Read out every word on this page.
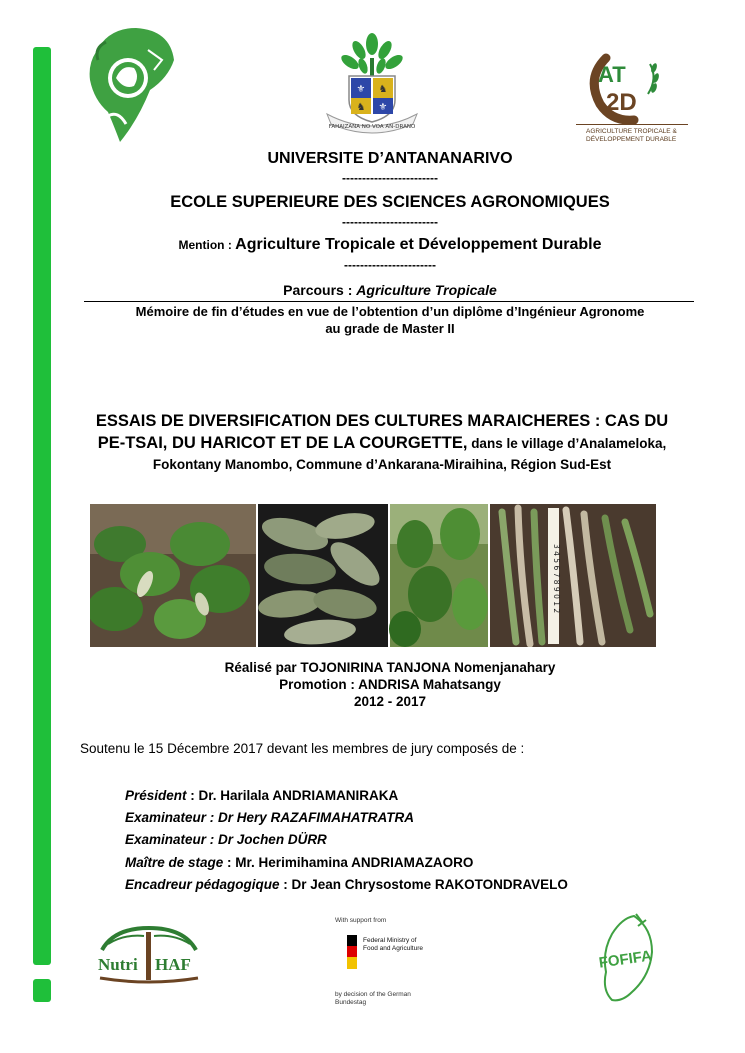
⚜ ♞
♞ ⚜
FAHAIZANA NO VOA AN-DRANO
AT
2D
AGRICULTURE TROPICALE &
DÉVELOPPEMENT DURABLE
UNIVERSITE D’ANTANANARIVO
------------------------
ECOLE SUPERIEURE DES SCIENCES AGRONOMIQUES
------------------------
Mention : Agriculture Tropicale et Développement Durable
-----------------------
Parcours : Agriculture Tropicale
Mémoire de fin d’études en vue de l’obtention d’un diplôme d’Ingénieur Agronome
au grade de Master II
ESSAIS DE DIVERSIFICATION DES CULTURES MARAICHERES : CAS DU
PE-TSAI, DU HARICOT ET DE LA COURGETTE, dans le village d’Analameloka,
Fokontany Manombo, Commune d’Ankarana-Miraihina, Région Sud-Est
3 4 5 6 7 8 9 0 1 2
Réalisé par TOJONIRINA TANJONA Nomenjanahary
Promotion : ANDRISA Mahatsangy
2012 - 2017
Soutenu le 15 Décembre 2017 devant les membres de jury composés de :
Président : Dr. Harilala ANDRIAMANIRAKA
Examinateur : Dr Hery RAZAFIMAHATRATRA
Examinateur : Dr Jochen DÜRR
Maître de stage : Mr. Herimihamina ANDRIAMAZAORO
Encadreur pédagogique : Dr Jean Chrysostome RAKOTONDRAVELO
Nutri HAF
With support from
Federal Ministry of Food and Agriculture
by decision of the German Bundestag
FOFIFA
